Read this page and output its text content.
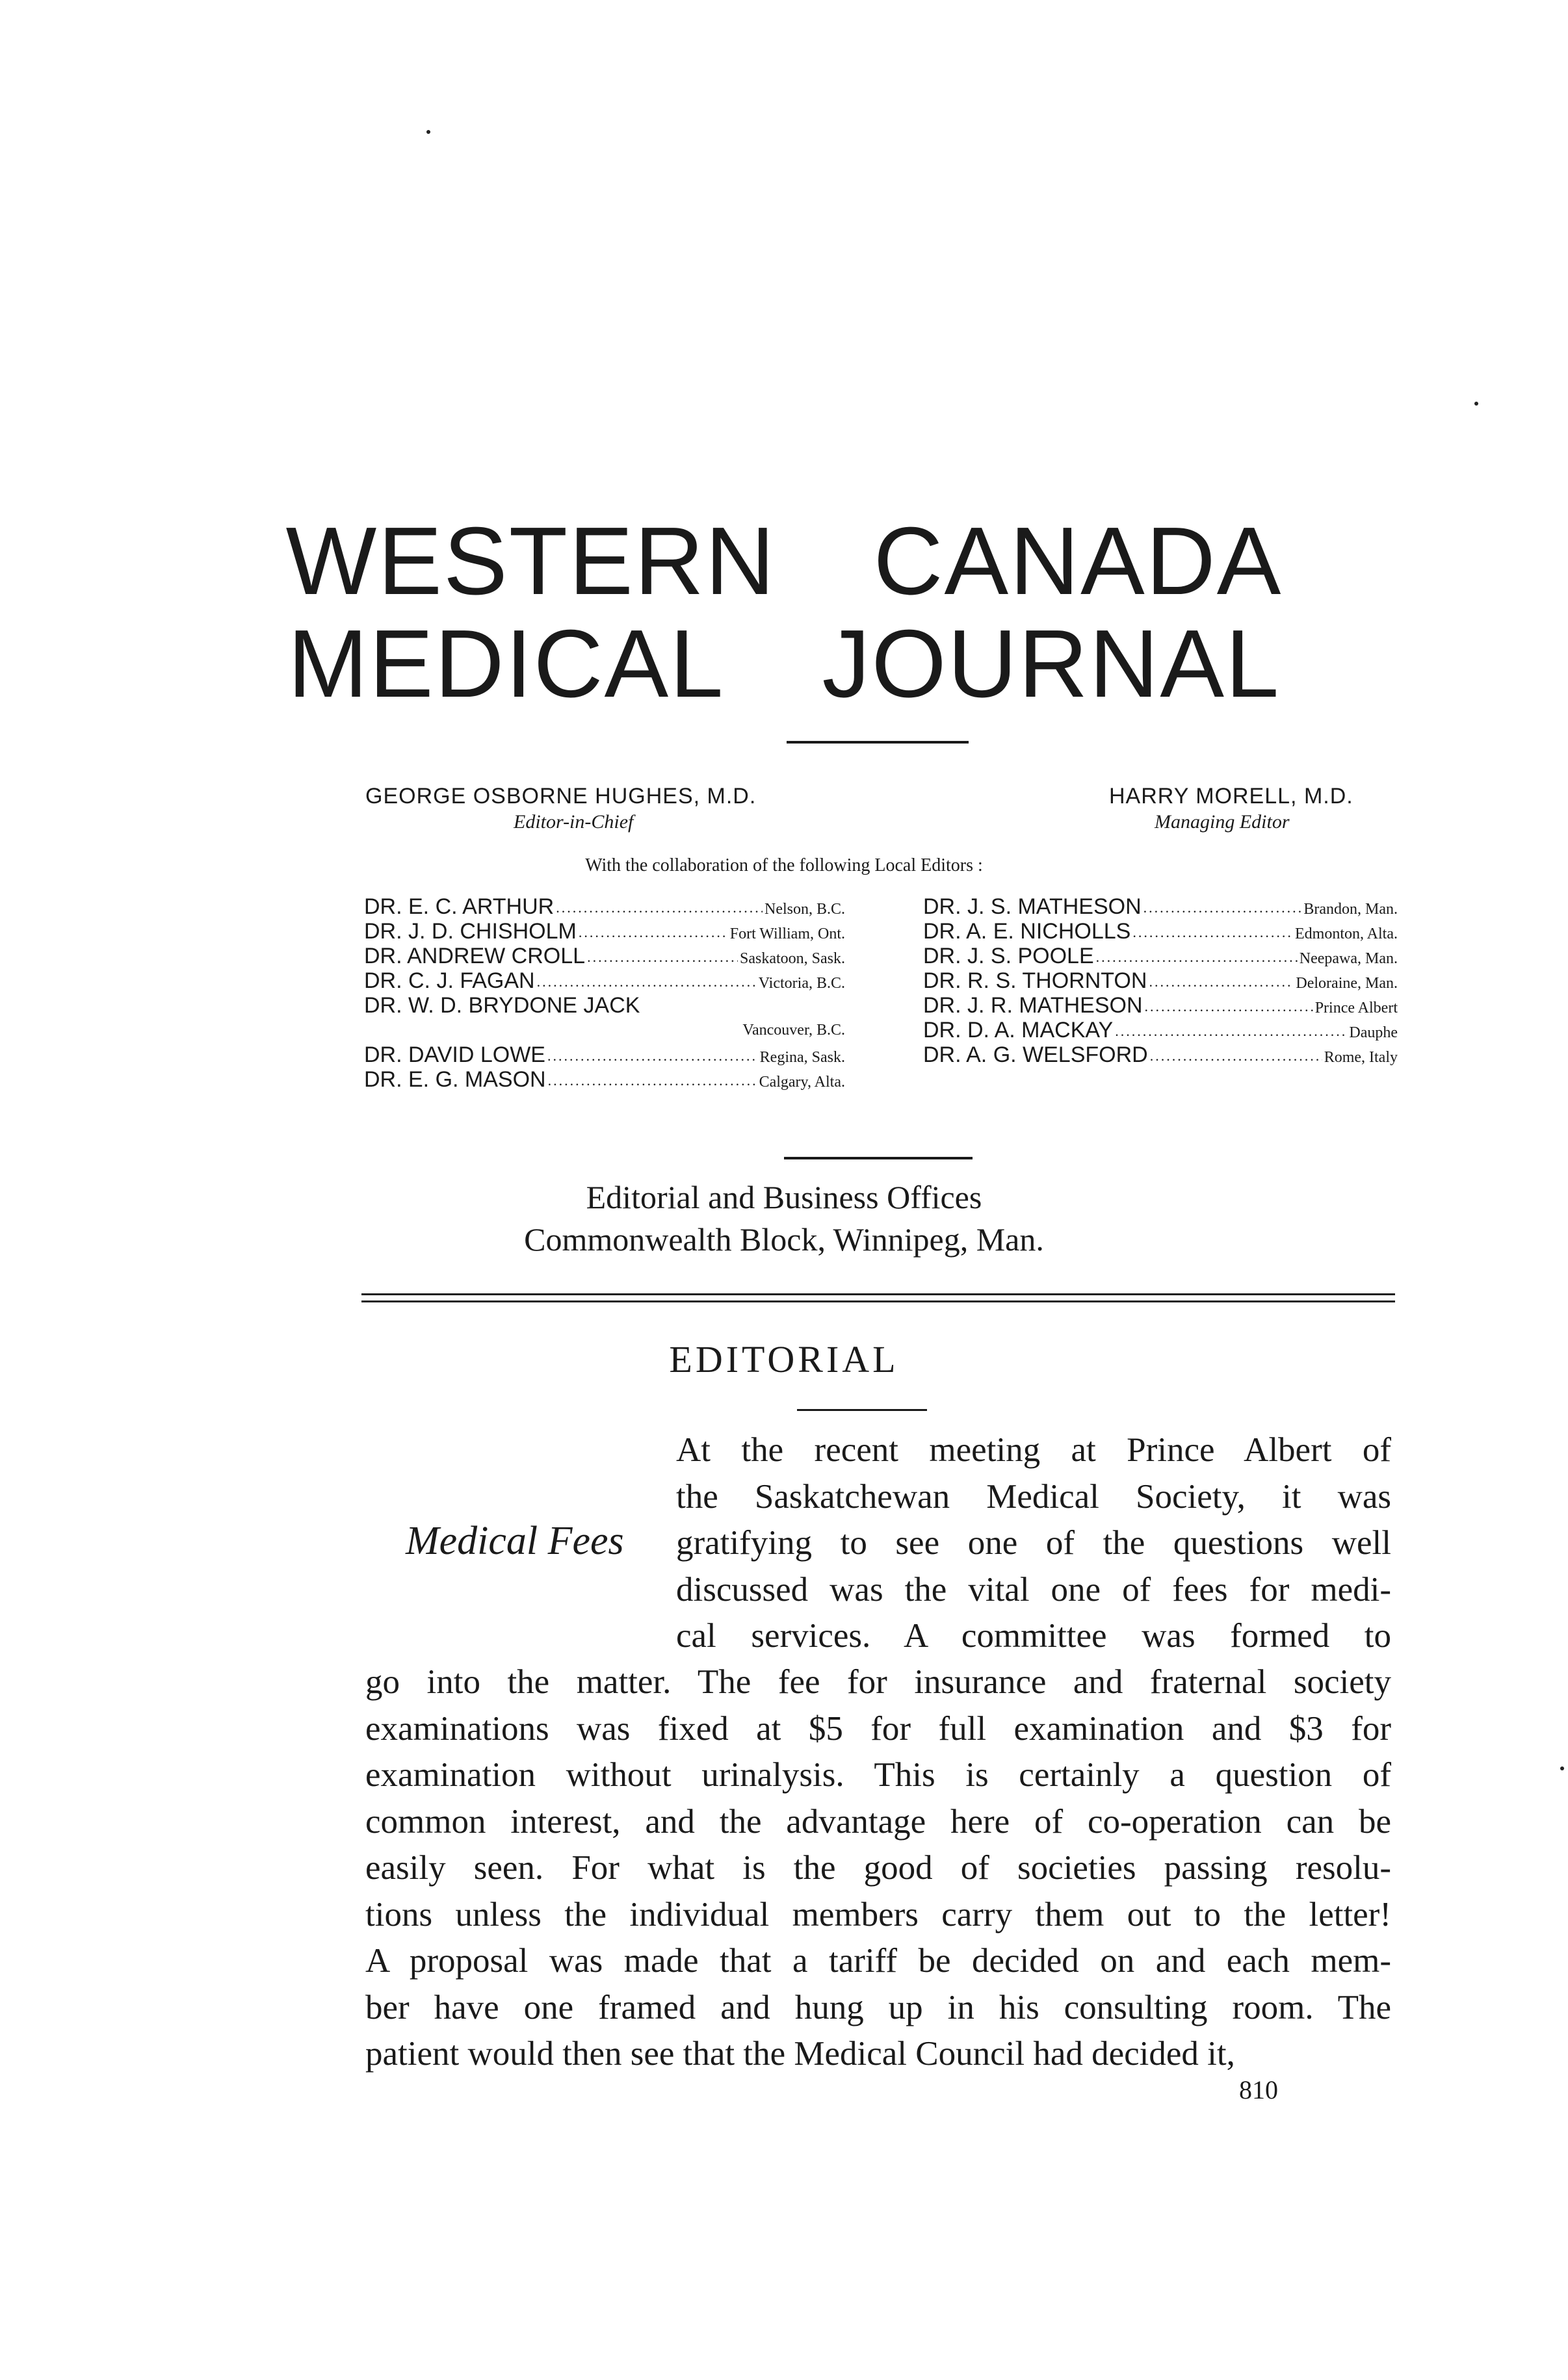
WESTERN CANADA
MEDICAL JOURNAL
GEORGE OSBORNE HUGHES, M.D.
Editor-in-Chief
HARRY MORELL, M.D.
Managing Editor
With the collaboration of the following Local Editors :
DR. E. C. ARTHUR .....	Nelson, B.C.
DR. J. D. CHISHOLM .....	Fort William, Ont.
DR. ANDREW CROLL .....	Saskatoon, Sask.
DR. C. J. FAGAN .....	Victoria, B.C.
DR. W. D. BRYDONE JACK
Vancouver, B.C.
DR. DAVID LOWE .....	Regina, Sask.
DR. E. G. MASON .....	Calgary, Alta.
DR. J. S. MATHESON .....	Brandon, Man.
DR. A. E. NICHOLLS .....	Edmonton, Alta.
DR. J. S. POOLE .....	Neepawa, Man.
DR. R. S. THORNTON .....	Deloraine, Man.
DR. J. R. MATHESON .....	Prince Albert
DR. D. A. MACKAY .....	Dauphe
DR. A. G. WELSFORD .....	Rome, Italy
Editorial and Business Offices
Commonwealth Block, Winnipeg, Man.
EDITORIAL
Medical Fees
At the recent meeting at Prince Albert of
the Saskatchewan Medical Society, it was
gratifying to see one of the questions well
discussed was the vital one of fees for medi-
cal services. A committee was formed to
go into the matter. The fee for insurance and fraternal society
examinations was fixed at $5 for full examination and $3 for
examination without urinalysis. This is certainly a question of
common interest, and the advantage here of co-operation can be
easily seen. For what is the good of societies passing resolu-
tions unless the individual members carry them out to the letter!
A proposal was made that a tariff be decided on and each mem-
ber have one framed and hung up in his consulting room. The
patient would then see that the Medical Council had decided it,
810
